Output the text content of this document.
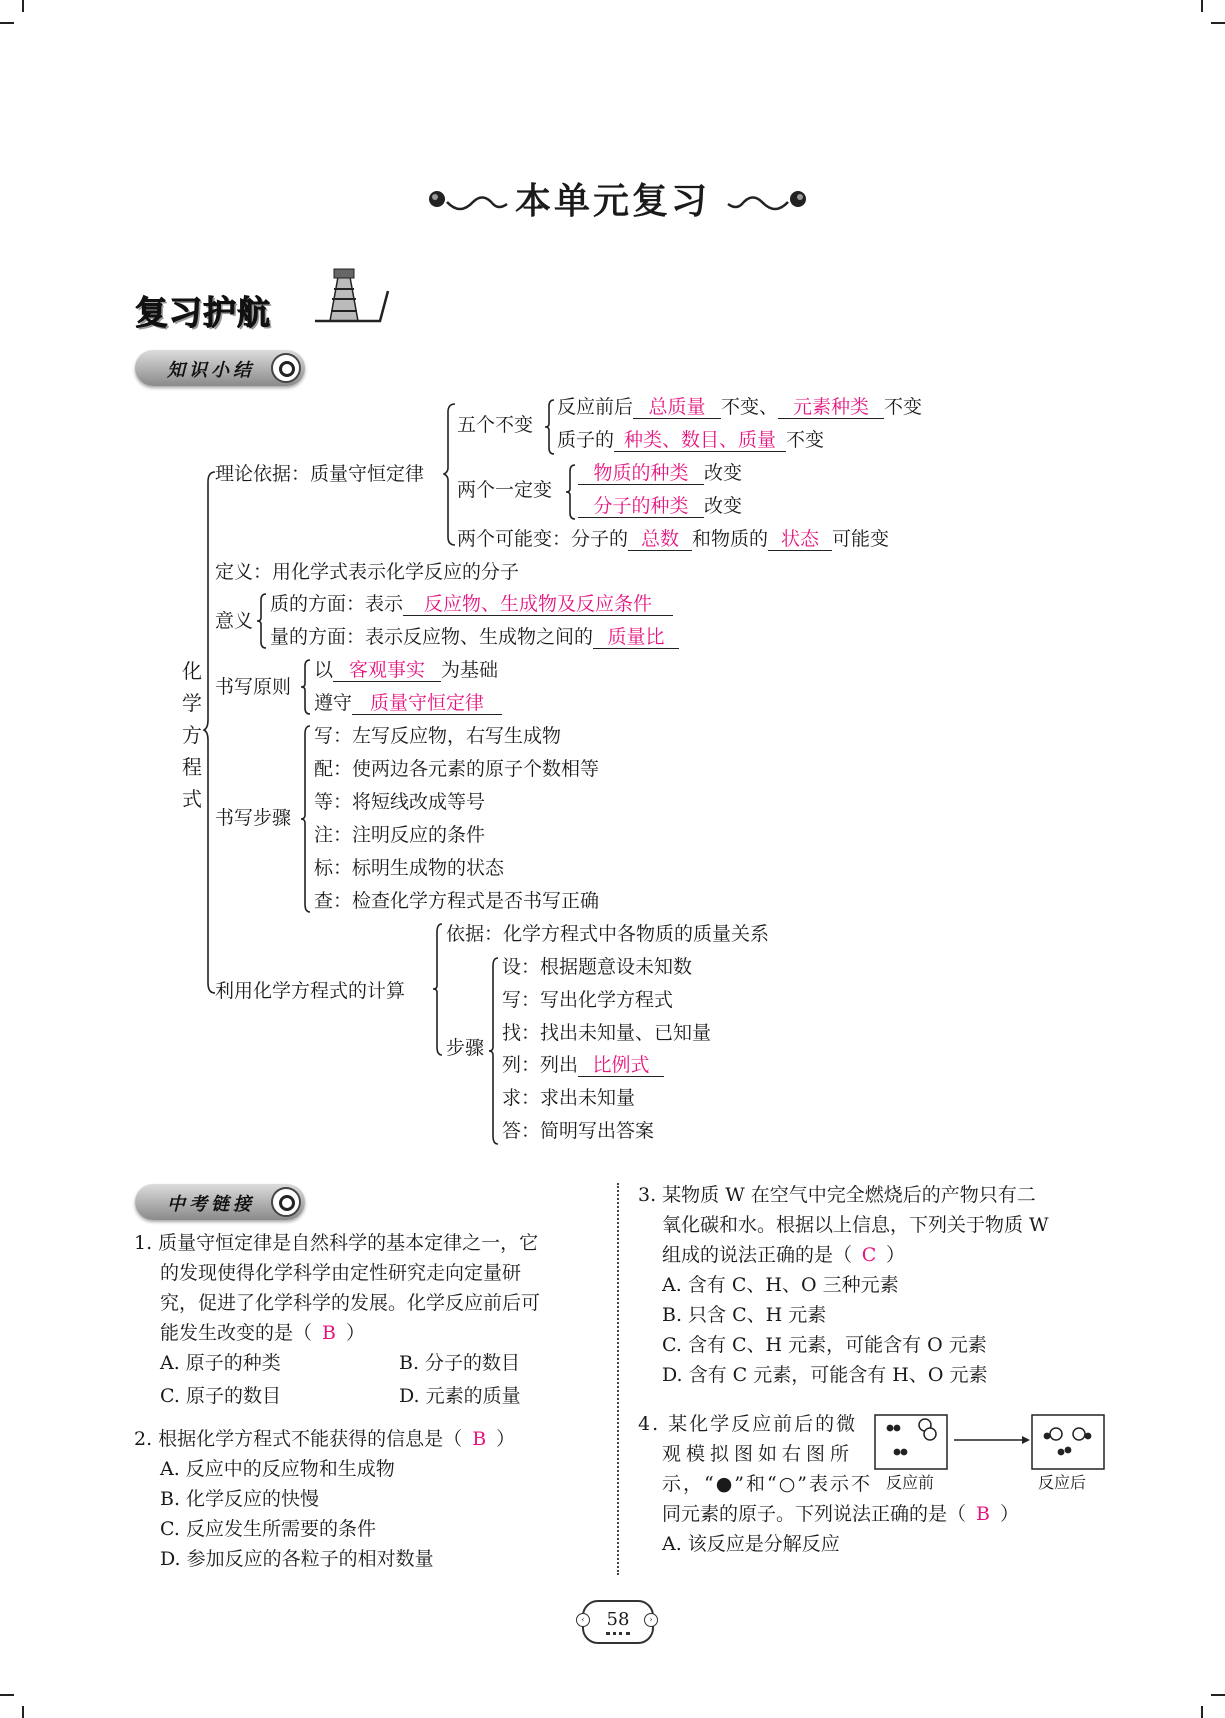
本单元复习
复习护航
知识小结
化
学
方
程
式
理论依据：质量守恒定律
五个不变
反应前后 总质量 不变、 元素种类 不变
质子的 种类、数目、质量 不变
两个一定变
物质的种类 改变
分子的种类 改变
两个可能变：分子的 总数 和物质的 状态 可能变
定义：用化学式表示化学反应的分子
意义
质的方面：表示 反应物、生成物及反应条件
量的方面：表示反应物、生成物之间的 质量比
书写原则
以 客观事实 为基础
遵守 质量守恒定律
书写步骤
写：左写反应物，右写生成物
配：使两边各元素的原子个数相等
等：将短线改成等号
注：注明反应的条件
标：标明生成物的状态
查：检查化学方程式是否书写正确
利用化学方程式的计算
依据：化学方程式中各物质的质量关系
步骤
设：根据题意设未知数
写：写出化学方程式
找：找出未知量、已知量
列：列出 比例式
求：求出未知量
答：简明写出答案
中考链接
1. 质量守恒定律是自然科学的基本定律之一，它
的发现使得化学科学由定性研究走向定量研
究，促进了化学科学的发展。化学反应前后可
能发生改变的是（ B ）
A. 原子的种类	B. 分子的数目
C. 原子的数目	D. 元素的质量
2. 根据化学方程式不能获得的信息是（ B ）
A. 反应中的反应物和生成物
B. 化学反应的快慢
C. 反应发生所需要的条件
D. 参加反应的各粒子的相对数量
3. 某物质 W 在空气中完全燃烧后的产物只有二
氧化碳和水。根据以上信息，下列关于物质 W
组成的说法正确的是（ C ）
A. 含有 C、H、O 三种元素
B. 只含 C、H 元素
C. 含有 C、H 元素，可能含有 O 元素
D. 含有 C 元素，可能含有 H、O 元素
4. 某化学反应前后的微
观模拟图如右图所
示，“●”和“○”表示不
同元素的原子。下列说法正确的是（ B ）
A. 该反应是分解反应
反应前	反应后
‹	›
58
